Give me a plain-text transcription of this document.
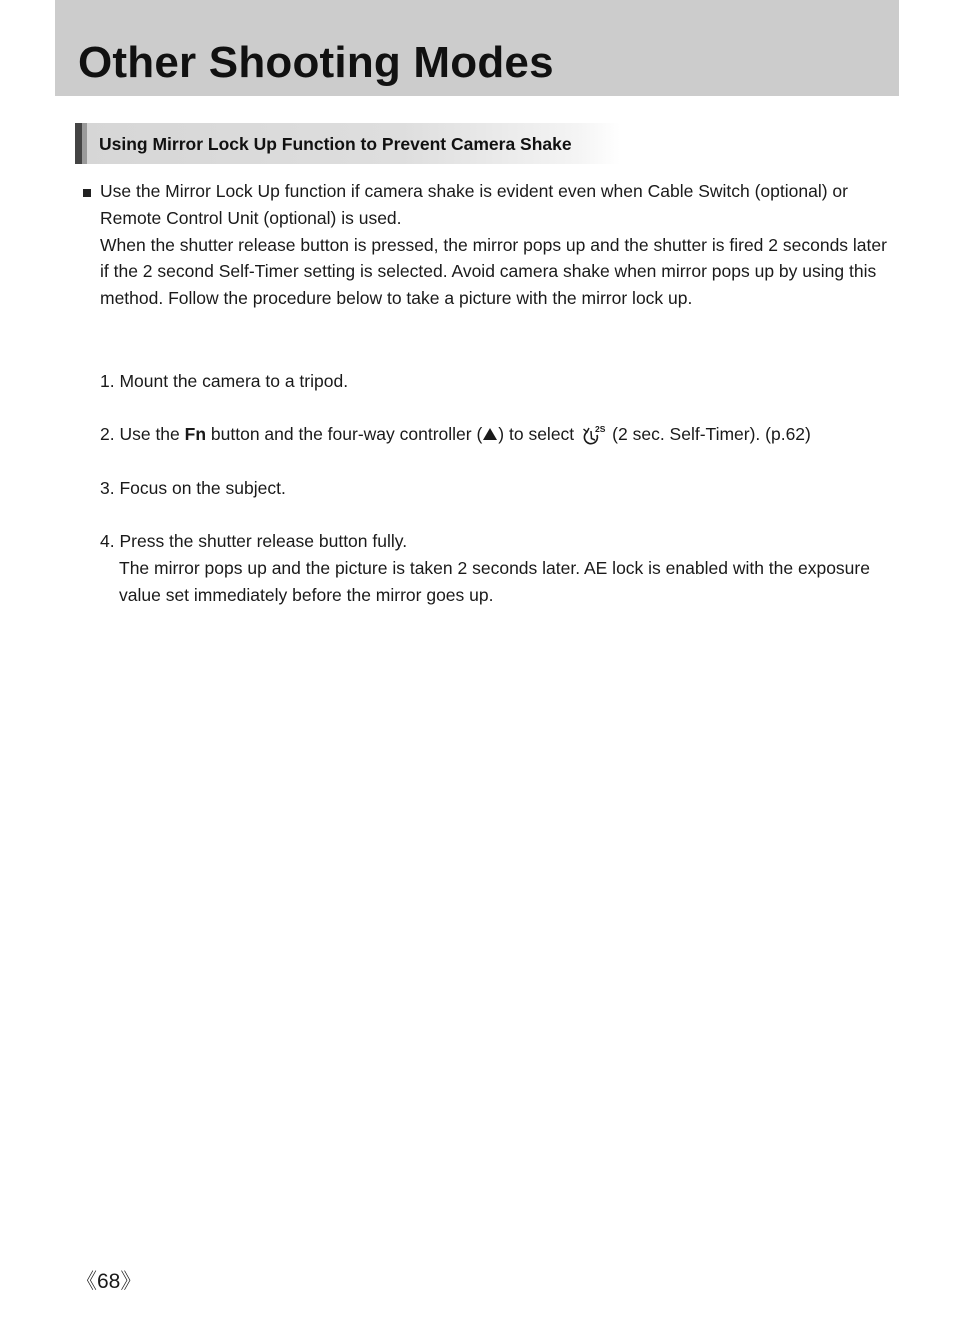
Other Shooting Modes
Using Mirror Lock Up Function to Prevent Camera Shake

Use the Mirror Lock Up function if camera shake is evident even when Cable Switch (optional) or

Remote Control Unit (optional) is used.

When the shutter release button is pressed, the mirror pops up and the shutter is fired 2 seconds later

if the 2 second Self-Timer setting is selected. Avoid camera shake when mirror pops up by using this

method. Follow the procedure below to take a picture with the mirror lock up.

1. Mount the camera to a tripod.

2. Use the Fn button and the four-way controller ( ) to select 2S (2 sec. Self-Timer). (p.62)

3. Focus on the subject.

4. Press the shutter release button fully.
The mirror pops up and the picture is taken 2 seconds later. AE lock is enabled with the exposure
value set immediately before the mirror goes up.

《68》
